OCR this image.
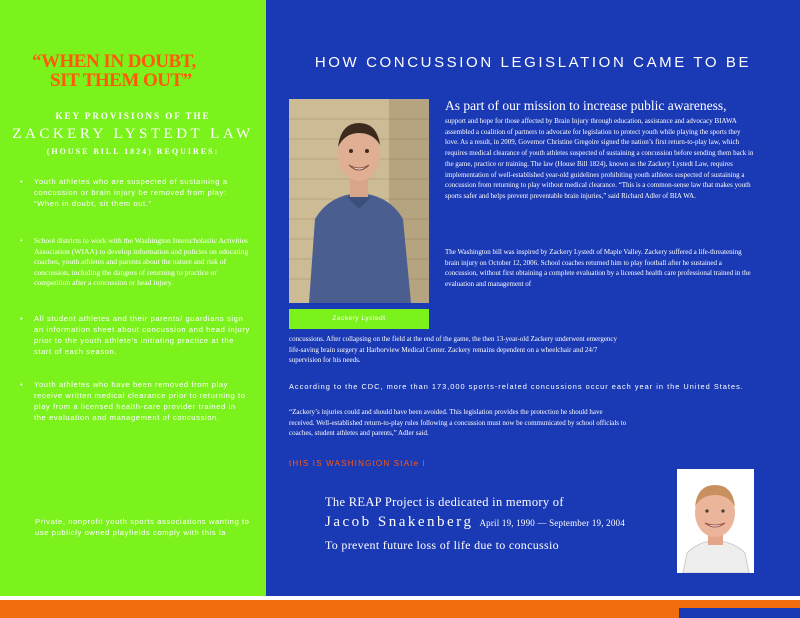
“WHEN IN DOUBT,
SIT THEM OUT”
KEY PROVISIONS OF THE
ZACKERY LYSTEDT LAW
(HOUSE BILL 1824) REQUIRES:
• Youth athletes who are suspected of sustaining a concussion or brain injury be removed from play: “When in doubt, sit them out.”
• School districts to work with the Washington Interscholastic Activities Association (WIAA) to develop information and policies on educating coaches, youth athletes and parents about the nature and risk of concussion, including the dangers of returning to practice or competition after a concussion or head injury.
• All student athletes and their parents/ guardians sign an information sheet about concussion and head injury prior to the youth athlete’s initiating practice at the start of each season.
• Youth athletes who have been removed from play receive written medical clearance prior to returning to play from a licensed health-care provider trained in the evaluation and management of concussion.
Private, nonprofit youth sports associations wanting to use publicly owned playfields comply with this la
HOW CONCUSSION LEGISLATION CAME TO BE
Zackery Lystedt
As part of our mission to increase public awareness,
support and hope for those affected by Brain Injury through education, assistance and advocacy BIAWA assembled a coalition of partners to advocate for legislation to protect youth while playing the sports they love. As a result, in 2009, Governor Christine Gregoire signed the nation’s first return-to-play law, which requires medical clearance of youth athletes suspected of sustaining a concussion before sending them back in the game, practice or training. The law (House Bill 1824), known as the Zackery Lystedt Law, requires implementation of well-established year-old guidelines prohibiting youth athletes suspected of sustaining a concussion from returning to play without medical clearance. “This is a common-sense law that makes youth sports safer and helps prevent preventable brain injuries,” said Richard Adler of BIA WA.
The Washington bill was inspired by Zackery Lystedt of Maple Valley. Zackery suffered a life-threatening brain injury on October 12, 2006. School coaches returned him to play football after he sustained a concussion, without first obtaining a complete evaluation by a licensed health care professional trained in the evaluation and management of
concussions. After collapsing on the field at the end of the game, the then 13-year-old Zackery underwent emergency life-saving brain surgery at Harborview Medical Center. Zackery remains dependent on a wheelchair and 24/7 supervision for his needs.
According to the CDC, more than 173,000 sports-related concussions occur each year in the United States.
“Zackery’s injuries could and should have been avoided. This legislation provides the protection he should have received. Well-established return-to-play rules following a concussion must now be communicated by school officials to coaches, student athletes and parents,” Adler said.
tHIS IS WASHINGtON StAte l
The REAP Project is dedicated in memory of
Jacob Snakenberg April 19, 1990 — September 19, 2004
To prevent future loss of life due to concussio
